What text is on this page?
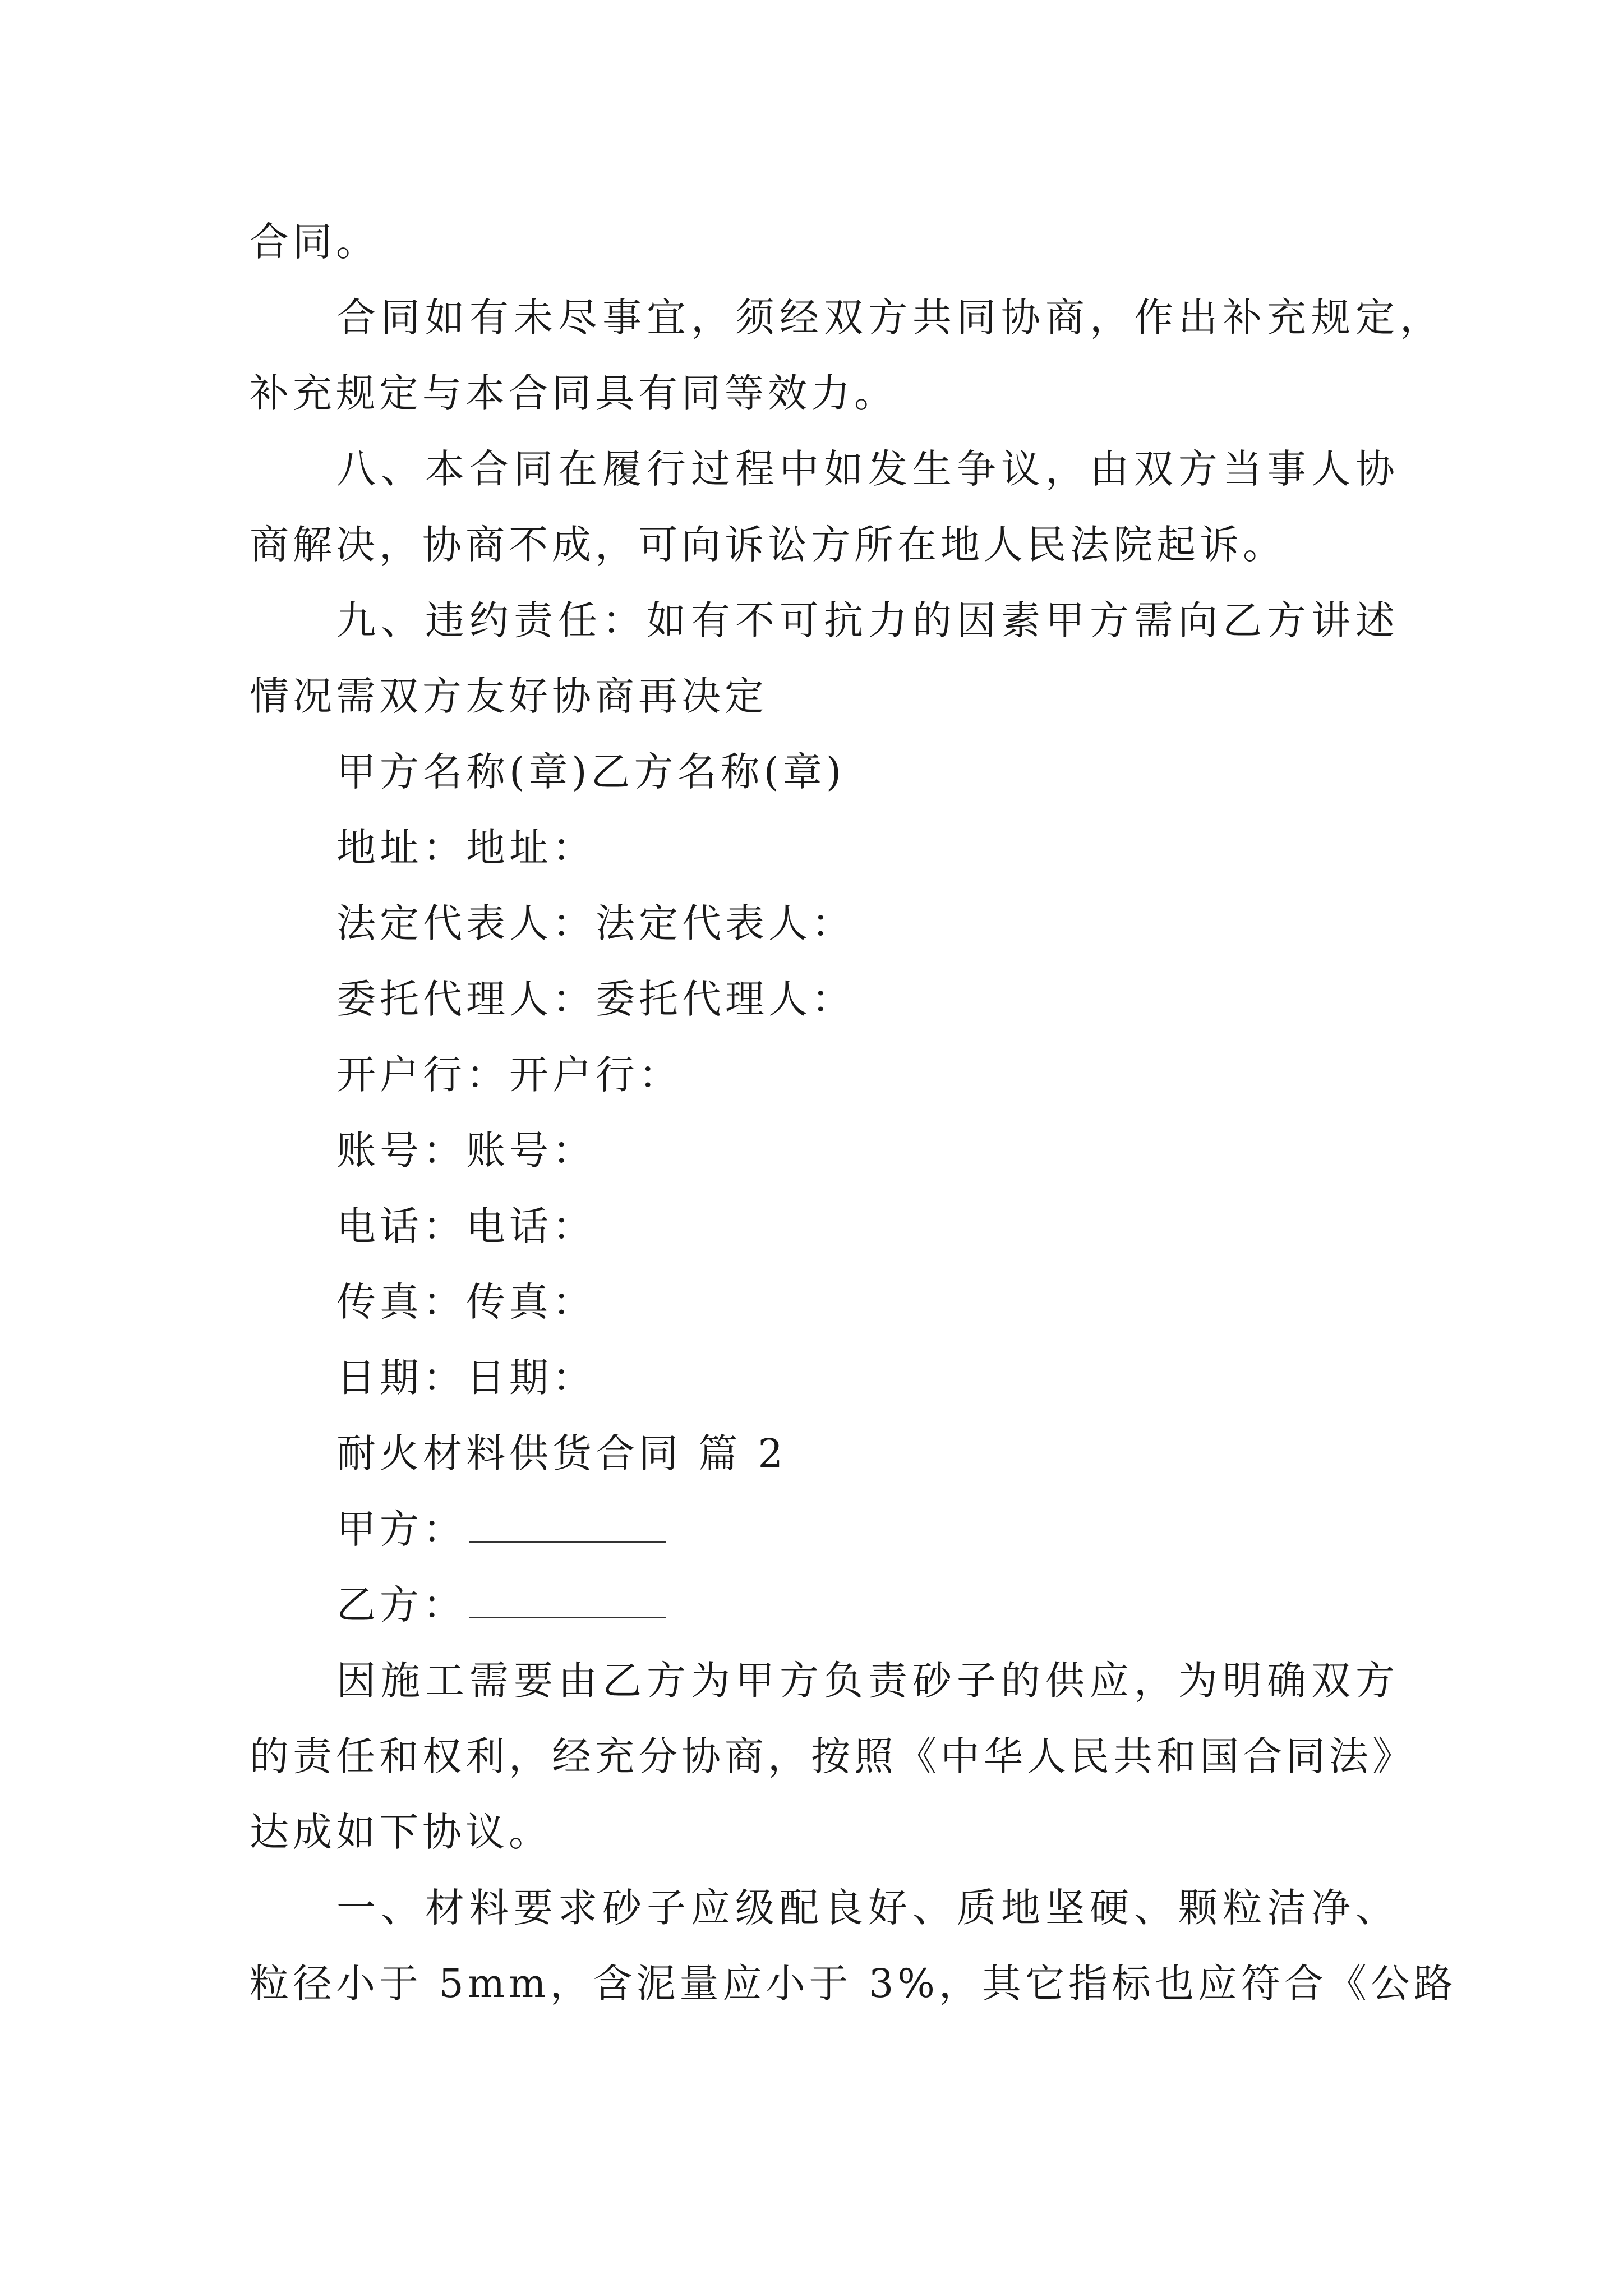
合同。
合同如有未尽事宜，须经双方共同协商，作出补充规定，
补充规定与本合同具有同等效力。
八、本合同在履行过程中如发生争议，由双方当事人协
商解决，协商不成，可向诉讼方所在地人民法院起诉。
九、违约责任：如有不可抗力的因素甲方需向乙方讲述
情况需双方友好协商再决定
甲方名称(章)乙方名称(章)
地址：地址：
法定代表人：法定代表人：
委托代理人：委托代理人：
开户行：开户行：
账号：账号：
电话：电话：
传真：传真：
日期：日期：
耐火材料供货合同 篇 2
甲方：
乙方：
因施工需要由乙方为甲方负责砂子的供应，为明确双方
的责任和权利，经充分协商，按照《中华人民共和国合同法》
达成如下协议。
一、材料要求砂子应级配良好、质地坚硬、颗粒洁净、
粒径小于 5mm，含泥量应小于 3%，其它指标也应符合《公路
